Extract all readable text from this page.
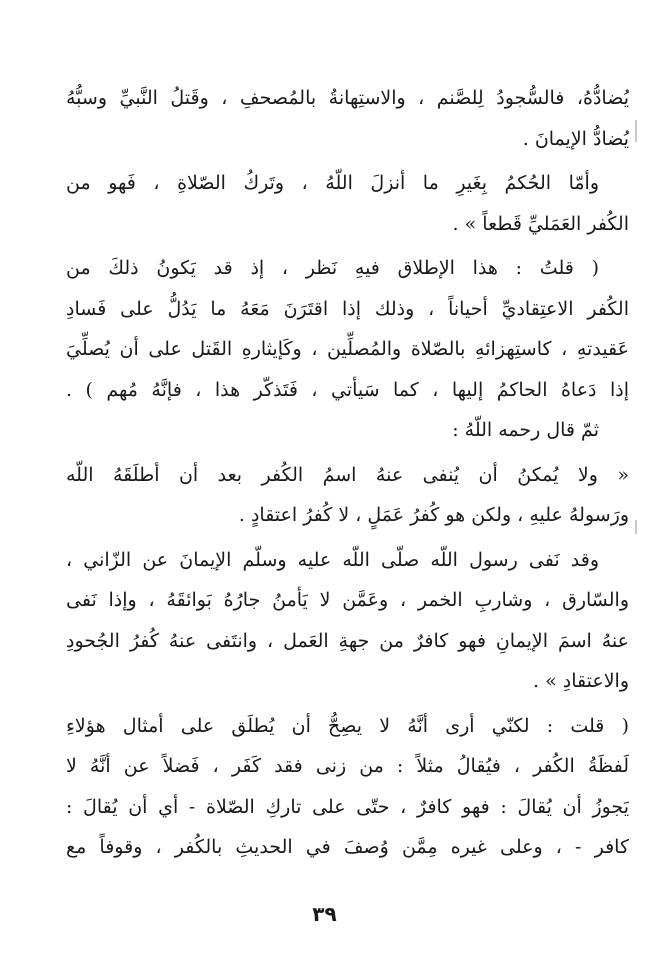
يُضادُّهُ، فالسُّجودُ لِلصَّنم ، والاستِهانةُ بالمُصحفِ ، وقَتلُ النَّبيِّ وسبُّهُ
يُضادُّ الإيمانَ .
وأمّا الحُكمُ بِغَيرِ ما أنزلَ اللّهُ ، وتَركُ الصّلاةِ ، فَهو من
الكُفر العَمَليِّ قَطعاً » .
( قلتُ : هذا الإطلاق فيهِ نَظر ، إذ قد يَكونُ ذلكَ من
الكُفر الاعتِقاديِّ أحياناً ، وذلك إذا اقتَرَنَ مَعَهُ ما يَدُلُّ على فَسادِ
عَقيدتهِ ، كاستِهزائهِ بالصّلاة والمُصلِّين ، وكَإيثارهِ القَتل على أن يُصلِّيَ
إذا دَعاهُ الحاكمُ إليها ، كما سَيأتي ، فَتَذكّر هذا ، فإنَّهُ مُهم ) .
ثمّ قال رحمه اللّهُ :
« ولا يُمكنُ أن يُنفى عنهُ اسمُ الكُفر بعد أن أطلَقَهُ اللّه
ورَسولهُ عليهِ ، ولكن هو كُفرُ عَمَلٍ ، لا كُفرُ اعتقادٍ .
وقد نَفى رسول اللّه صلّى اللّه عليه وسلّم الإيمانَ عن الزّاني ،
والسّارق ، وشاربِ الخمر ، وعَمَّن لا يَأمنُ جارُهُ بَوائقَهُ ، وإذا نَفى
عنهُ اسمَ الإيمانِ فهو كافرٌ من جهةِ العَمل ، وانتَفى عنهُ كُفرُ الجُحودِ
والاعتقادِ » .
( قلت : لكنّي أرى أنَّهُ لا يصِحُّ أن يُطلَق على أمثال هؤلاءِ
لَفظَةُ الكُفر ، فيُقالُ مثلاً : من زنى فقد كَفَر ، فَضلاً عن أنَّهُ لا
يَجوزُ أن يُقالَ : فهو كافرٌ ، حتّى على تاركِ الصّلاة - أي أن يُقالَ :
كافر - ، وعلى غيره مِمَّن وُصفَ في الحديثِ بالكُفر ، وقوفاً مع
٣٩
